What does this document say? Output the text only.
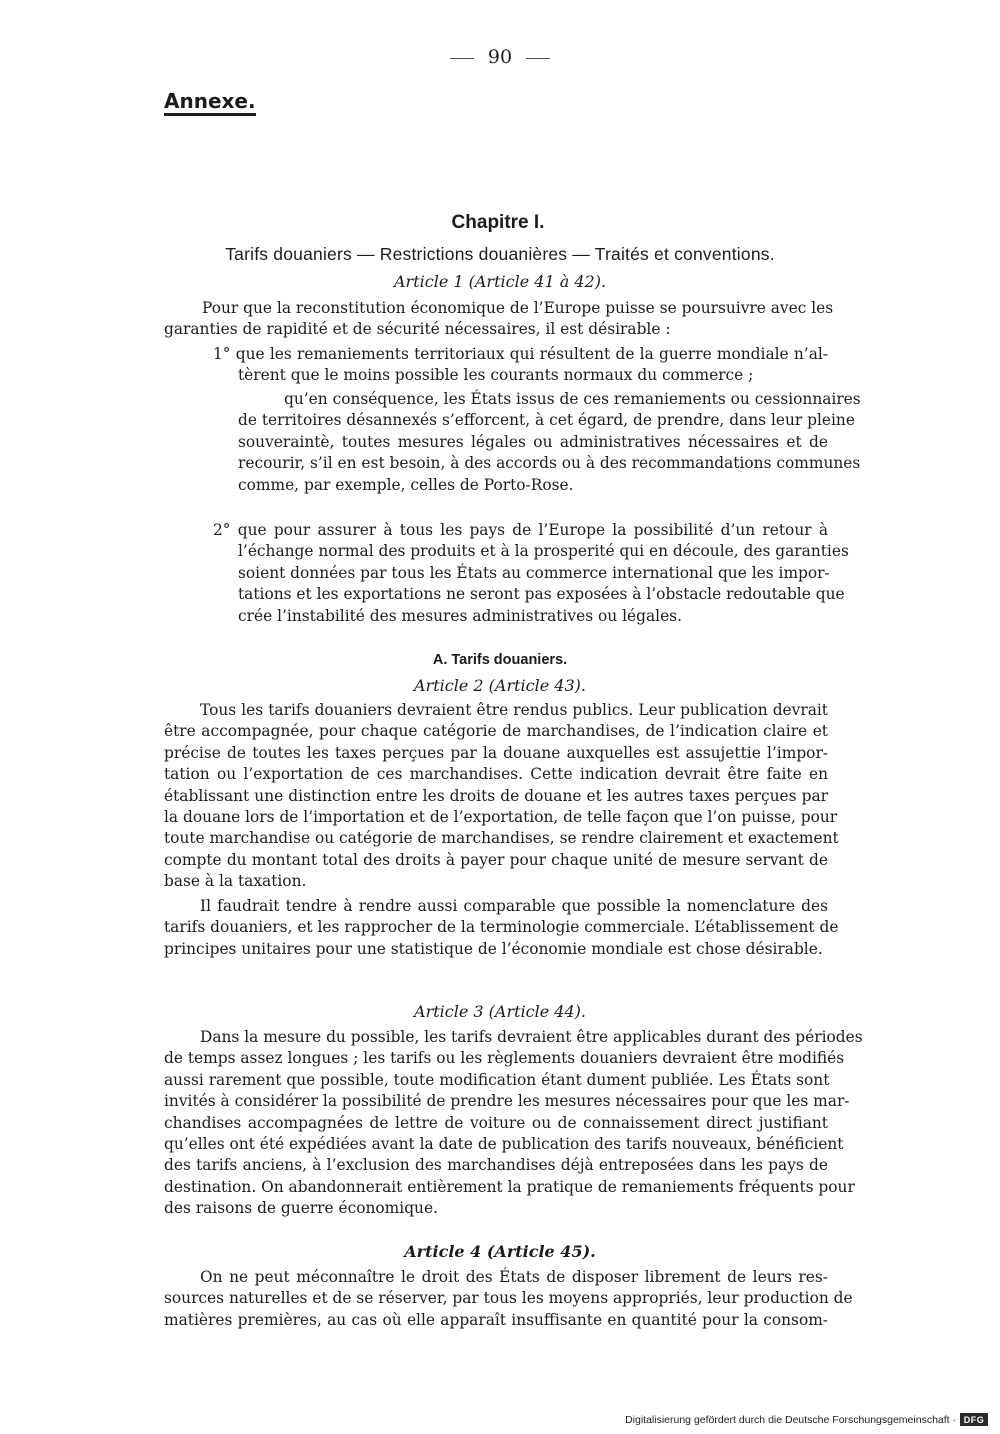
90
Annexe.
Chapitre I.
Tarifs douaniers — Restrictions douanières — Traités et conventions.
Article 1 (Article 41 à 42).
Pour que la reconstitution économique de l’Europe puisse se poursuivre avec les
garanties de rapidité et de sécurité nécessaires, il est désirable :
1° que les remaniements territoriaux qui résultent de la guerre mondiale n’al-
tèrent que le moins possible les courants normaux du commerce ;
qu’en conséquence, les États issus de ces remaniements ou cessionnaires
de territoires désannexés s’efforcent, à cet égard, de prendre, dans leur pleine
souveraintè, toutes mesures légales ou administratives nécessaires et de
recourir, s’il en est besoin, à des accords ou à des recommandations communes
comme, par exemple, celles de Porto-Rose.
2° que pour assurer à tous les pays de l’Europe la possibilité d’un retour à
l’échange normal des produits et à la prosperité qui en découle, des garanties
soient données par tous les États au commerce international que les impor-
tations et les exportations ne seront pas exposées à l’obstacle redoutable que
crée l’instabilité des mesures administratives ou légales.
A. Tarifs douaniers.
Article 2 (Article 43).
Tous les tarifs douaniers devraient être rendus publics. Leur publication devrait
être accompagnée, pour chaque catégorie de marchandises, de l’indication claire et
précise de toutes les taxes perçues par la douane auxquelles est assujettie l’impor-
tation ou l’exportation de ces marchandises. Cette indication devrait être faite en
établissant une distinction entre les droits de douane et les autres taxes perçues par
la douane lors de l’importation et de l’exportation, de telle façon que l’on puisse, pour
toute marchandise ou catégorie de marchandises, se rendre clairement et exactement
compte du montant total des droits à payer pour chaque unité de mesure servant de
base à la taxation.
Il faudrait tendre à rendre aussi comparable que possible la nomenclature des
tarifs douaniers, et les rapprocher de la terminologie commerciale. L’établissement de
principes unitaires pour une statistique de l’économie mondiale est chose désirable.
Article 3 (Article 44).
Dans la mesure du possible, les tarifs devraient être applicables durant des périodes
de temps assez longues ; les tarifs ou les règlements douaniers devraient être modifiés
aussi rarement que possible, toute modification étant dument publiée. Les États sont
invités à considérer la possibilité de prendre les mesures nécessaires pour que les mar-
chandises accompagnées de lettre de voiture ou de connaissement direct justifiant
qu’elles ont été expédiées avant la date de publication des tarifs nouveaux, bénéficient
des tarifs anciens, à l’exclusion des marchandises déjà entreposées dans les pays de
destination. On abandonnerait entièrement la pratique de remaniements fréquents pour
des raisons de guerre économique.
Article 4 (Article 45).
On ne peut méconnaître le droit des États de disposer librement de leurs res-
sources naturelles et de se réserver, par tous les moyens appropriés, leur production de
matières premières, au cas où elle apparaît insuffisante en quantité pour la consom-
Digitalisierung gefördert durch die Deutsche Forschungsgemeinschaft · DFG
